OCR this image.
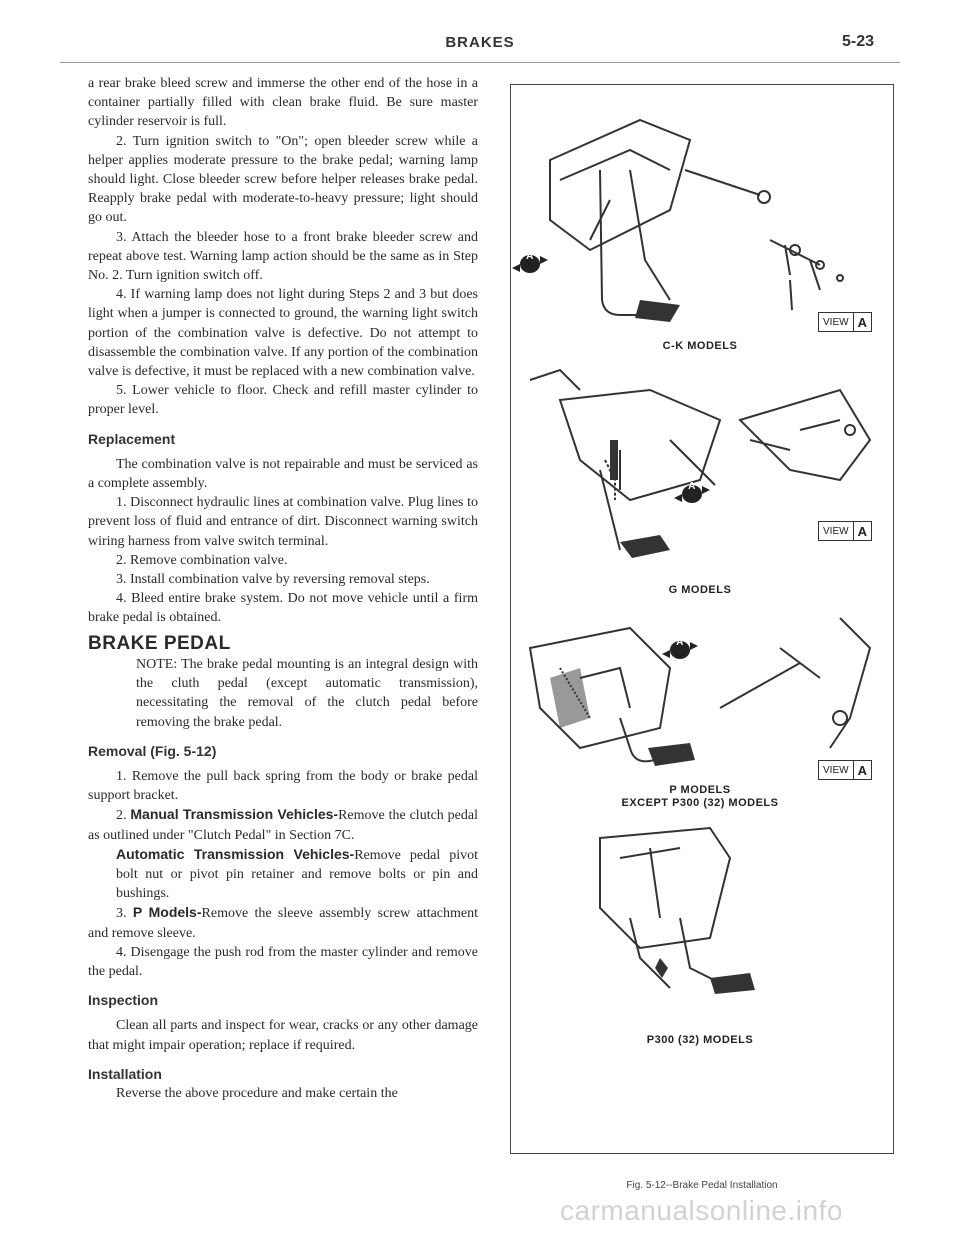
BRAKES	5-23

a rear brake bleed screw and immerse the other end of the hose in a container partially filled with clean brake fluid. Be sure master cylinder reservoir is full.

2. Turn ignition switch to "On"; open bleeder screw while a helper applies moderate pressure to the brake pedal; warning lamp should light. Close bleeder screw before helper releases brake pedal. Reapply brake pedal with moderate-to-heavy pressure; light should go out.

3. Attach the bleeder hose to a front brake bleeder screw and repeat above test. Warning lamp action should be the same as in Step No. 2. Turn ignition switch off.

4. If warning lamp does not light during Steps 2 and 3 but does light when a jumper is connected to ground, the warning light switch portion of the combination valve is defective. Do not attempt to disassemble the combination valve. If any portion of the combination valve is defective, it must be replaced with a new combination valve.

5. Lower vehicle to floor. Check and refill master cylinder to proper level.

Replacement

The combination valve is not repairable and must be serviced as a complete assembly.

1. Disconnect hydraulic lines at combination valve. Plug lines to prevent loss of fluid and entrance of dirt. Disconnect warning switch wiring harness from valve switch terminal.

2. Remove combination valve.

3. Install combination valve by reversing removal steps.

4. Bleed entire brake system. Do not move vehicle until a firm brake pedal is obtained.

BRAKE PEDAL

NOTE: The brake pedal mounting is an integral design with the cluth pedal (except automatic transmission), necessitating the removal of the clutch pedal before removing the brake pedal.

Removal (Fig. 5-12)

1. Remove the pull back spring from the body or brake pedal support bracket.

2. Manual Transmission Vehicles-Remove the clutch pedal as outlined under "Clutch Pedal" in Section 7C.

Automatic Transmission Vehicles-Remove pedal pivot bolt nut or pivot pin retainer and remove bolts or pin and bushings.

3. P Models-Remove the sleeve assembly screw attachment and remove sleeve.

4. Disengage the push rod from the master cylinder and remove the pedal.

Inspection

Clean all parts and inspect for wear, cracks or any other damage that might impair operation; replace if required.

Installation

Reverse the above procedure and make certain the

A
VIEW A
C-K MODELS
A
VIEW A
G MODELS
A
VIEW A
P MODELS
EXCEPT P300 (32) MODELS
P300 (32) MODELS
Fig. 5-12--Brake Pedal Installation
carmanualsonline.info
